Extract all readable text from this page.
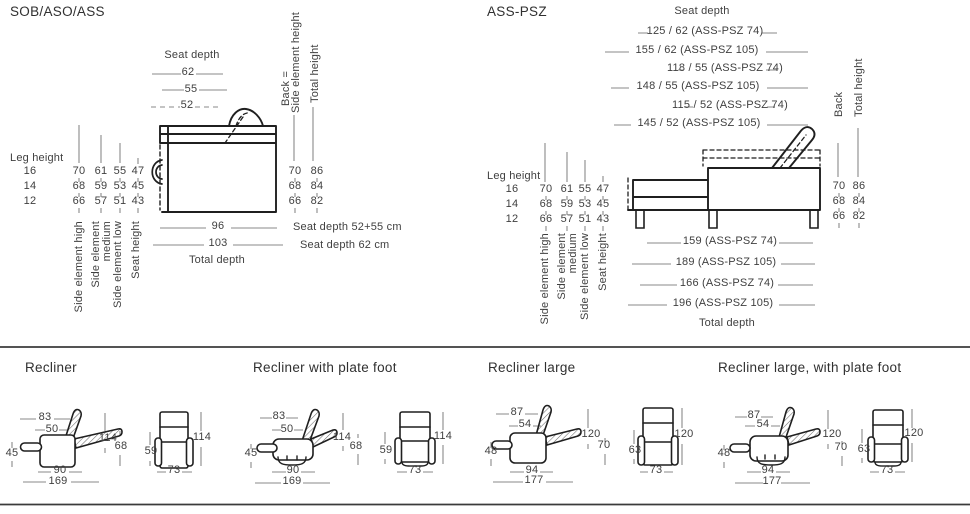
SOB/ASO/ASS
Seat depth
62
55
52	Back =
Side element height Total height
Leg height
16
14
12
70
68
66
61
59
57
55
53
51
47
45
43
Side element high Side element medium Side element low Seat height
70
68
66
86
84
82
96
103
Total depth
Seat depth 52+55 cm
Seat depth 62 cm
ASS-PSZ	Seat depth
125 / 62 (ASS-PSZ 74)
155 / 62 (ASS-PSZ 105)
118 / 55 (ASS-PSZ 74)
148 / 55 (ASS-PSZ 105)
115 / 52 (ASS-PSZ 74)
145 / 52 (ASS-PSZ 105)
Back Total height
Leg height
16
14
12
70
68
66
61
59
57
55
53
51
47
45
43
Side element high Side element medium Side element low Seat height
70
68
66
86
84
82
159 (ASS-PSZ 74)
189 (ASS-PSZ 105)
166 (ASS-PSZ 74)
196 (ASS-PSZ 105)
Total depth
Recliner
83
50
45
114
68
90
169
59
114
73
Recliner with plate foot
83
50
45
114
68
90
169
59
114
73
Recliner large
87
54
48
120
70
94
177
63
120
73
Recliner large, with plate foot
87
54
48
120
70
94
177
63
120
73
